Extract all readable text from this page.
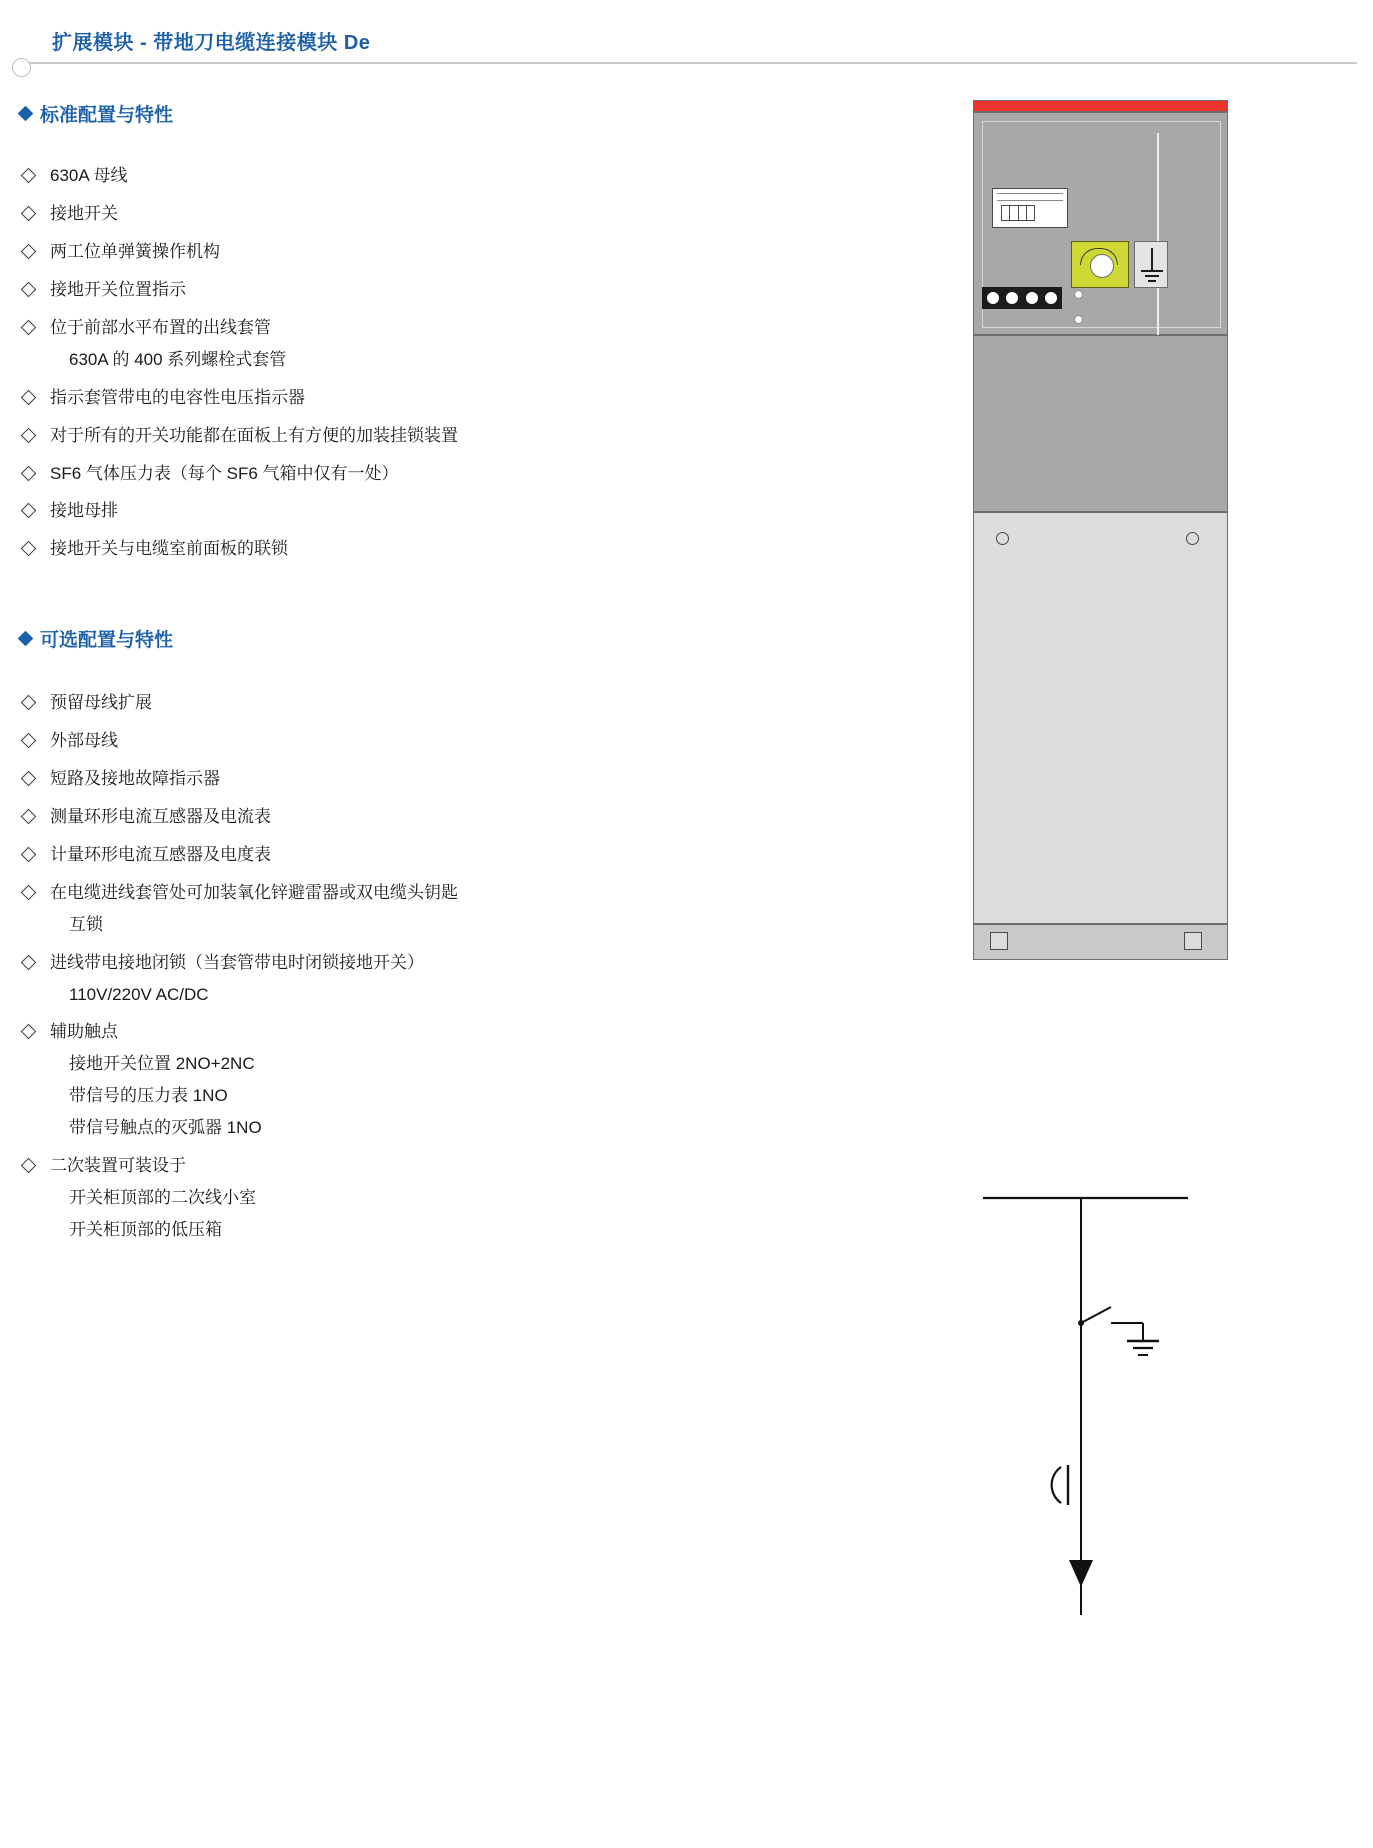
扩展模块 - 带地刀电缆连接模块 De
标准配置与特性
630A 母线
接地开关
两工位单弹簧操作机构
接地开关位置指示
位于前部水平布置的出线套管
630A 的 400 系列螺栓式套管
指示套管带电的电容性电压指示器
对于所有的开关功能都在面板上有方便的加装挂锁装置
SF6 气体压力表（每个 SF6 气箱中仅有一处）
接地母排
接地开关与电缆室前面板的联锁
可选配置与特性
预留母线扩展
外部母线
短路及接地故障指示器
测量环形电流互感器及电流表
计量环形电流互感器及电度表
在电缆进线套管处可加装氧化锌避雷器或双电缆头钥匙
互锁
进线带电接地闭锁（当套管带电时闭锁接地开关）
110V/220V AC/DC
辅助触点
接地开关位置 2NO+2NC
带信号的压力表 1NO
带信号触点的灭弧器 1NO
二次装置可装设于
开关柜顶部的二次线小室
开关柜顶部的低压箱
